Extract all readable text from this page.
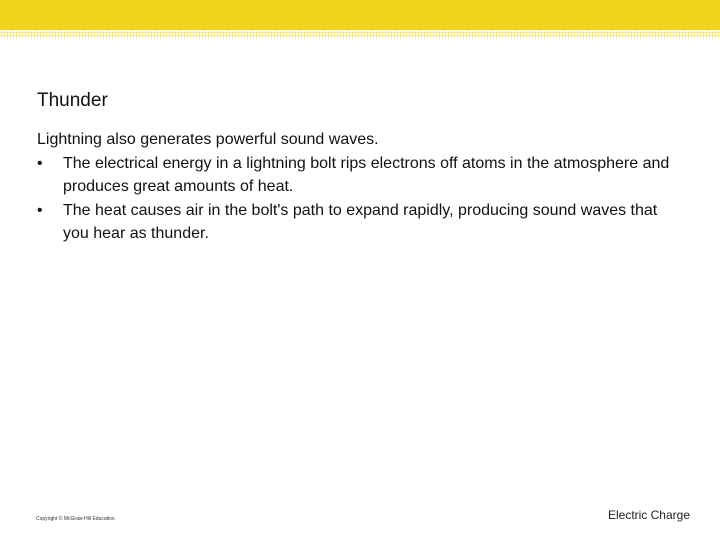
Thunder
Lightning also generates powerful sound waves.
• The electrical energy in a lightning bolt rips electrons off atoms in the atmosphere and produces great amounts of heat.
• The heat causes air in the bolt's path to expand rapidly, producing sound waves that you hear as thunder.
Copyright © McGraw-Hill Education	Electric Charge
